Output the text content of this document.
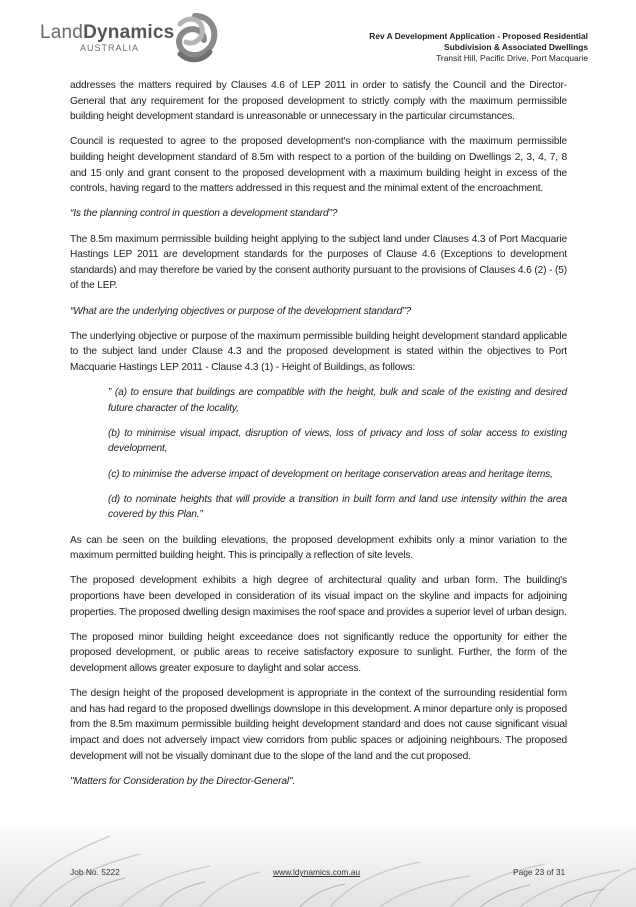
LandDynamics
AUSTRALIA
Rev A Development Application - Proposed Residential
Subdivision & Associated Dwellings
Transit Hill, Pacific Drive, Port Macquarie

addresses the matters required by Clauses 4.6 of LEP 2011 in order to satisfy the Council and the Director-General that any requirement for the proposed development to strictly comply with the maximum permissible building height development standard is unreasonable or unnecessary in the particular circumstances.

Council is requested to agree to the proposed development's non-compliance with the maximum permissible building height development standard of 8.5m with respect to a portion of the building on Dwellings 2, 3, 4, 7, 8 and 15 only and grant consent to the proposed development with a maximum building height in excess of the controls, having regard to the matters addressed in this request and the minimal extent of the encroachment.

“Is the planning control in question a development standard”?

The 8.5m maximum permissible building height applying to the subject land under Clauses 4.3 of Port Macquarie Hastings LEP 2011 are development standards for the purposes of Clause 4.6 (Exceptions to development standards) and may therefore be varied by the consent authority pursuant to the provisions of Clauses 4.6 (2) - (5) of the LEP.

“What are the underlying objectives or purpose of the development standard”?

The underlying objective or purpose of the maximum permissible building height development standard applicable to the subject land under Clause 4.3 and the proposed development is stated within the objectives to Port Macquarie Hastings LEP 2011 - Clause 4.3 (1) - Height of Buildings, as follows:

” (a) to ensure that buildings are compatible with the height, bulk and scale of the existing and desired future character of the locality,

(b) to minimise visual impact, disruption of views, loss of privacy and loss of solar access to existing development,

(c) to minimise the adverse impact of development on heritage conservation areas and heritage items,

(d) to nominate heights that will provide a transition in built form and land use intensity within the area covered by this Plan.”

As can be seen on the building elevations, the proposed development exhibits only a minor variation to the maximum permitted building height. This is principally a reflection of site levels.

The proposed development exhibits a high degree of architectural quality and urban form. The building's proportions have been developed in consideration of its visual impact on the skyline and impacts for adjoining properties. The proposed dwelling design maximises the roof space and provides a superior level of urban design.

The proposed minor building height exceedance does not significantly reduce the opportunity for either the proposed development, or public areas to receive satisfactory exposure to sunlight. Further, the form of the development allows greater exposure to daylight and solar access.

The design height of the proposed development is appropriate in the context of the surrounding residential form and has had regard to the proposed dwellings downslope in this development. A minor departure only is proposed from the 8.5m maximum permissible building height development standard and does not cause significant visual impact and does not adversely impact view corridors from public spaces or adjoining neighbours. The proposed development will not be visually dominant due to the slope of the land and the cut proposed.

"Matters for Consideration by the Director-General".

Job No. 5222	www.ldynamics.com.au	Page 23 of 31
